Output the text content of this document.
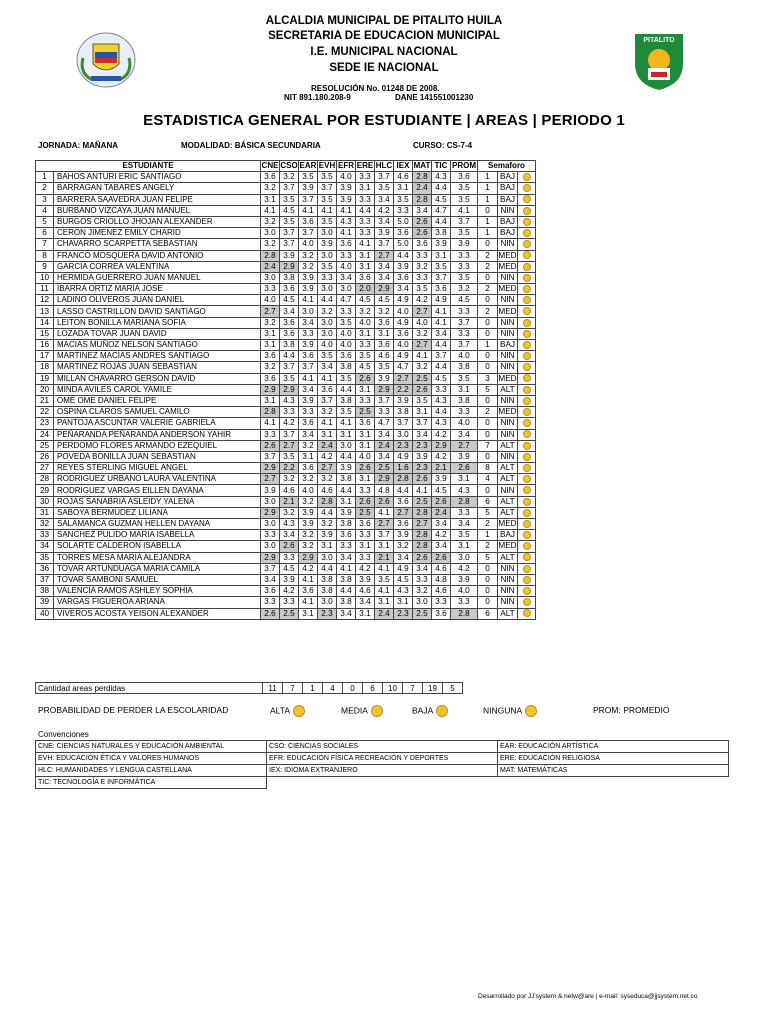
PITALITO
ALCALDIA MUNICIPAL DE PITALITO HUILA
SECRETARIA DE EDUCACION MUNICIPAL
I.E. MUNICIPAL NACIONAL
SEDE IE NACIONAL
RESOLUCIÓN No. 01248 DE 2008.
NIT 891.180.208-9	DANE 141551001230
ESTADISTICA GENERAL POR ESTUDIANTE | AREAS | PERIODO 1
JORNADA: MAÑANA	MODALIDAD: BÁSICA SECUNDARIA	CURSO: CS-7-4
ESTUDIANTE		CNE	CSO	EAR	EVH	EFR	ERE	HLC	IEX	MAT	TIC	PROM	Semaforo		
1	BAHOS ANTURI ERIC SANTIAGO	3.6	3.2	3.5	3.5	4.0	3.3	3.7	4.6	2.8	4.3	3.6	1	BAJ	
2	BARRAGAN TABARES ANGELY	3.2	3.7	3.9	3.7	3.9	3.1	3.5	3.1	2.4	4.4	3.5	1	BAJ	
3	BARRERA SAAVEDRA JUAN FELIPE	3.1	3.5	3.7	3.5	3.9	3.3	3.4	3.5	2.8	4.5	3.5	1	BAJ	
4	BURBANO VIZCAYA JUAN MANUEL	4.1	4.5	4.1	4.1	4.1	4.4	4.2	3.3	3.4	4.7	4.1	0	NIN	
5	BURGOS CRIOLLO JHOJAN ALEXANDER	3.2	3.5	3.6	3.5	4.3	3.3	3.4	5.0	2.6	4.4	3.7	1	BAJ	
6	CERON JIMENEZ EMILY CHARID	3.0	3.7	3.7	3.0	4.1	3.3	3.9	3.6	2.6	3.8	3.5	1	BAJ	
7	CHAVARRO SCARPETTA SEBASTIAN	3.2	3.7	4.0	3.9	3.6	4.1	3.7	5.0	3.6	3.9	3.9	0	NIN	
8	FRANCO MOSQUERA DAVID ANTONIO	2.8	3.9	3.2	3.0	3.3	3.1	2.7	4.4	3.3	3.1	3.3	2	MED	
9	GARCIA CORREA VALENTINA	2.4	2.9	3.2	3.5	4.0	3.1	3.4	3.9	3.2	3.5	3.3	2	MED	
10	HERMIDA GUERRERO JUAN MANUEL	3.0	3.8	3.9	3.3	3.4	3.6	3.4	3.6	3.3	3.7	3.5	0	NIN	
11	IBARRA ORTIZ MARIA JOSE	3.3	3.6	3.9	3.0	3.0	2.0	2.9	3.4	3.5	3.6	3.2	2	MED	
12	LADINO OLIVEROS JUAN DANIEL	4.0	4.5	4.1	4.4	4.7	4.5	4.5	4.9	4.2	4.9	4.5	0	NIN	
13	LASSO CASTRILLON DAVID SANTIAGO	2.7	3.4	3.0	3.2	3.3	3.2	3.2	4.0	2.7	4.1	3.3	2	MED	
14	LEITON BONILLA MARIANA SOFIA	3.2	3.6	3.4	3.0	3.5	4.0	3.6	4.9	4.0	4.1	3.7	0	NIN	
15	LOZADA TOVAR JUAN DAVID	3.1	3.6	3.3	3.0	4.0	3.1	3.1	3.6	3.2	3.4	3.3	0	NIN	
16	MACIAS MUÑOZ NELSON SANTIAGO	3.1	3.8	3.9	4.0	4.0	3.3	3.6	4.0	2.7	4.4	3.7	1	BAJ	
17	MARTINEZ MACIAS ANDRES SANTIAGO	3.6	4.4	3.6	3.5	3.6	3.5	4.6	4.9	4.1	3.7	4.0	0	NIN	
18	MARTINEZ ROJAS JUAN SEBASTIAN	3.2	3.7	3.7	3.4	3.8	4.5	3.5	4.7	3.2	4.4	3.8	0	NIN	
19	MILLAN CHAVARRO GERSON DAVID	3.6	3.5	4.1	4.1	3.5	2.6	3.9	2.7	2.5	4.5	3.5	3	MED	
20	MINDA AVILES CAROL YAMILE	2.9	2.9	3.4	3.6	4.4	3.1	2.9	2.2	2.6	3.3	3.1	5	ALT	
21	OME OME DANIEL FELIPE	3.1	4.3	3.9	3.7	3.8	3.3	3.7	3.9	3.5	4.3	3.8	0	NIN	
22	OSPINA CLAROS SAMUEL CAMILO	2.8	3.3	3.3	3.2	3.5	2.5	3.3	3.8	3.1	4.4	3.3	2	MED	
23	PANTOJA ASCUNTAR VALERIE GABRIELA	4.1	4.2	3.6	4.1	4.1	3.6	4.7	3.7	3.7	4.3	4.0	0	NIN	
24	PEÑARANDA PEÑARANDA ANDERSON YAHIR	3.3	3.7	3.4	3.1	3.1	3.1	3.4	3.0	3.4	4.2	3.4	0	NIN	
25	PERDOMO FLORES ARMANDO EZEQUIEL	2.6	2.7	3.2	2.4	3.0	3.1	2.4	2.3	2.3	2.9	2.7	7	ALT	
26	POVEDA BONILLA JUAN SEBASTIAN	3.7	3.5	3.1	4.2	4.4	4.0	3.4	4.9	3.9	4.2	3.9	0	NIN	
27	REYES STERLING MIGUEL ANGEL	2.9	2.2	3.6	2.7	3.9	2.6	2.5	1.6	2.3	2.1	2.6	8	ALT	
28	RODRIGUEZ URBANO LAURA VALENTINA	2.7	3.2	3.2	3.2	3.8	3.1	2.9	2.8	2.6	3.9	3.1	4	ALT	
29	RODRIGUEZ VARGAS EILLEN DAYANA	3.9	4.6	4.0	4.6	4.4	3.3	4.8	4.4	4.1	4.5	4.3	0	NIN	
30	ROJAS SANABRIA ASLEIDY YALENA	3.0	2.1	3.2	2.8	3.1	2.6	2.6	3.6	2.5	2.6	2.8	6	ALT	
31	SABOYA BERMUDEZ LILIANA	2.9	3.2	3.9	4.4	3.9	2.5	4.1	2.7	2.8	2.4	3.3	5	ALT	
32	SALAMANCA GUZMAN HELLEN DAYANA	3.0	4.3	3.9	3.2	3.8	3.6	2.7	3.6	2.7	3.4	3.4	2	MED	
33	SANCHEZ PULIDO MARIA ISABELLA	3.3	3.4	3.2	3.9	3.6	3.3	3.7	3.9	2.8	4.2	3.5	1	BAJ	
34	SOLARTE CALDERON ISABELLA	3.0	2.6	3.2	3.1	3.3	3.1	3.1	3.2	2.8	3.4	3.1	2	MED	
35	TORRES MESA MARIA ALEJANDRA	2.9	3.3	2.9	3.0	3.4	3.3	2.1	3.4	2.6	2.6	3.0	5	ALT	
36	TOVAR ARTUNDUAGA MARIA CAMILA	3.7	4.5	4.2	4.4	4.1	4.2	4.1	4.9	3.4	4.6	4.2	0	NIN	
37	TOVAR SAMBONI SAMUEL	3.4	3.9	4.1	3.8	3.8	3.9	3.5	4.5	3.3	4.8	3.9	0	NIN	
38	VALENCIA RAMOS ASHLEY SOPHIA	3.6	4.2	3.6	3.8	4.4	4.6	4.1	4.3	3.2	4.6	4.0	0	NIN	
39	VARGAS FIGUEROA ARIANA	3.3	3.3	4.1	3.0	3.8	3.4	3.1	3.1	3.0	3.3	3.3	0	NIN	
40	VIVEROS ACOSTA YEISON ALEXANDER	2.6	2.5	3.1	2.3	3.4	3.1	2.4	2.3	2.5	3.6	2.8	6	ALT	
Cantidad areas perdidas	11	7	1	4	0	6	10	7	19	5
PROBABILIDAD DE PERDER LA ESCOLARIDAD	ALTA	MEDIA	BAJA	NINGUNA	PROM: PROMEDIO
Convenciones
CNE: CIENCIAS NATURALES Y EDUCACIÓN AMBIENTAL	CSO: CIENCIAS SOCIALES	EAR: EDUCACIÓN ARTÍSTICA
EVH: EDUCACIÓN ÉTICA Y VALORES HUMANOS	EFR: EDUCACIÓN FÍSICA RECREACIÓN Y DEPORTES	ERE: EDUCACIÓN RELIGIOSA
HLC: HUMANIDADES Y LENGUA CASTELLANA	IEX: IDIOMA EXTRANJERO	MAT: MATEMÁTICAS
TIC: TECNOLOGÍA E INFORMÁTICA		
Desarrollado por JJ'system & netw@are | e-mail: syseduca@jjsystem.net.co
